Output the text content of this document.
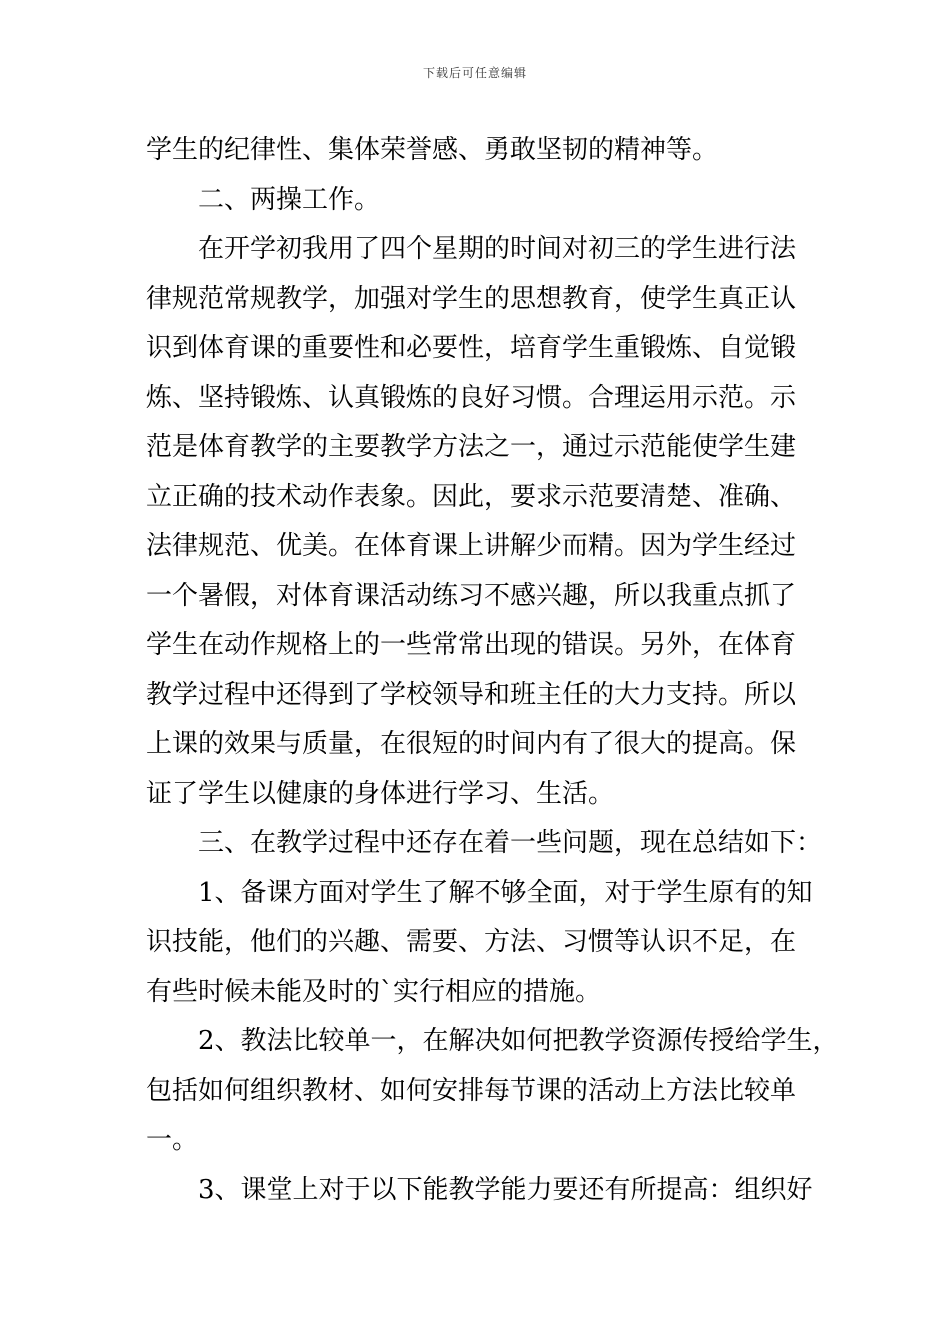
下载后可任意编辑
学生的纪律性、集体荣誉感、勇敢坚韧的精神等。
二、两操工作。
在开学初我用了四个星期的时间对初三的学生进行法
律规范常规教学，加强对学生的思想教育，使学生真正认
识到体育课的重要性和必要性，培育学生重锻炼、自觉锻
炼、坚持锻炼、认真锻炼的良好习惯。合理运用示范。示
范是体育教学的主要教学方法之一，通过示范能使学生建
立正确的技术动作表象。因此，要求示范要清楚、准确、
法律规范、优美。在体育课上讲解少而精。因为学生经过
一个暑假，对体育课活动练习不感兴趣，所以我重点抓了
学生在动作规格上的一些常常出现的错误。另外，在体育
教学过程中还得到了学校领导和班主任的大力支持。所以
上课的效果与质量，在很短的时间内有了很大的提高。保
证了学生以健康的身体进行学习、生活。
三、在教学过程中还存在着一些问题，现在总结如下：
1、备课方面对学生了解不够全面，对于学生原有的知
识技能，他们的兴趣、需要、方法、习惯等认识不足，在
有些时候未能及时的`实行相应的措施。
2、教法比较单一，在解决如何把教学资源传授给学生，
包括如何组织教材、如何安排每节课的活动上方法比较单
一。
3、课堂上对于以下能教学能力要还有所提高：组织好
